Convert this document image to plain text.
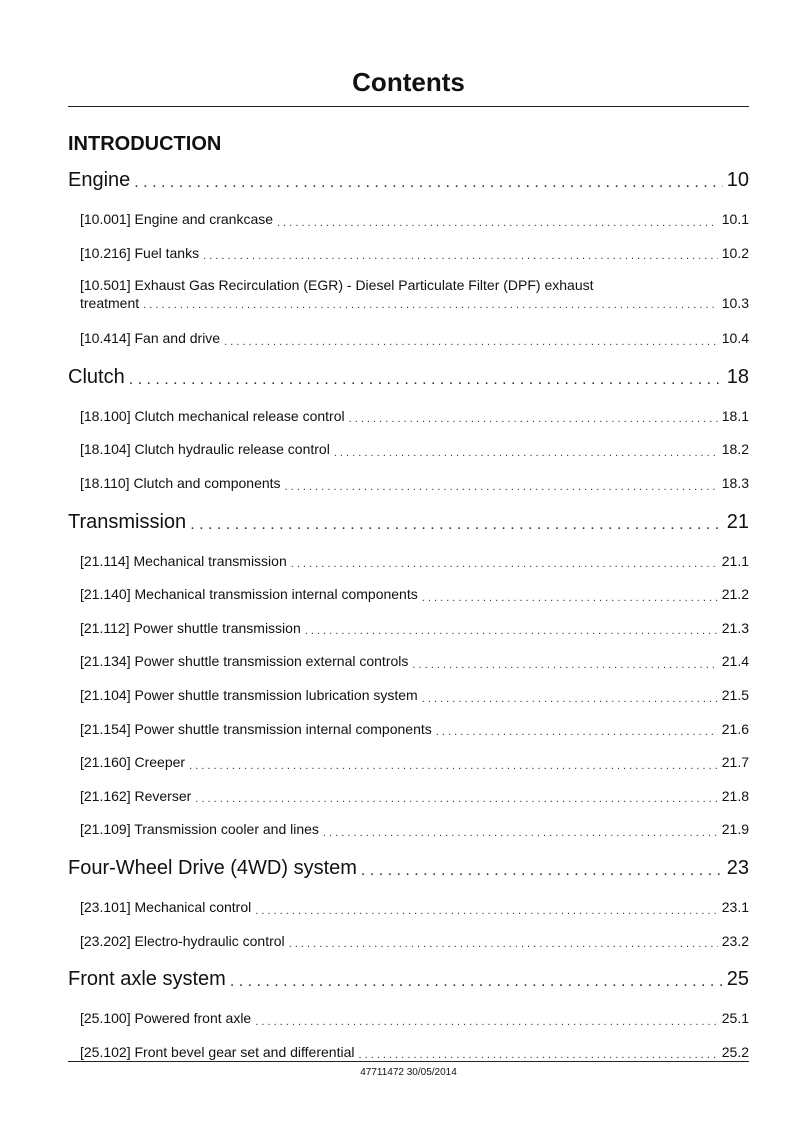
Contents
INTRODUCTION
Engine . . .	10
[10.001] Engine and crankcase . . .	10.1
[10.216] Fuel tanks . . .	10.2
[10.501] Exhaust Gas Recirculation (EGR) - Diesel Particulate Filter (DPF) exhaust
treatment . . .	10.3
[10.414] Fan and drive . . .	10.4
Clutch . . .	18
[18.100] Clutch mechanical release control . . .	18.1
[18.104] Clutch hydraulic release control . . .	18.2
[18.110] Clutch and components . . .	18.3
Transmission . . .	21
[21.114] Mechanical transmission . . .	21.1
[21.140] Mechanical transmission internal components . . .	21.2
[21.112] Power shuttle transmission . . .	21.3
[21.134] Power shuttle transmission external controls . . .	21.4
[21.104] Power shuttle transmission lubrication system . . .	21.5
[21.154] Power shuttle transmission internal components . . .	21.6
[21.160] Creeper . . .	21.7
[21.162] Reverser . . .	21.8
[21.109] Transmission cooler and lines . . .	21.9
Four-Wheel Drive (4WD) system . . .	23
[23.101] Mechanical control . . .	23.1
[23.202] Electro-hydraulic control . . .	23.2
Front axle system . . .	25
[25.100] Powered front axle . . .	25.1
[25.102] Front bevel gear set and differential . . .	25.2

47711472 30/05/2014
